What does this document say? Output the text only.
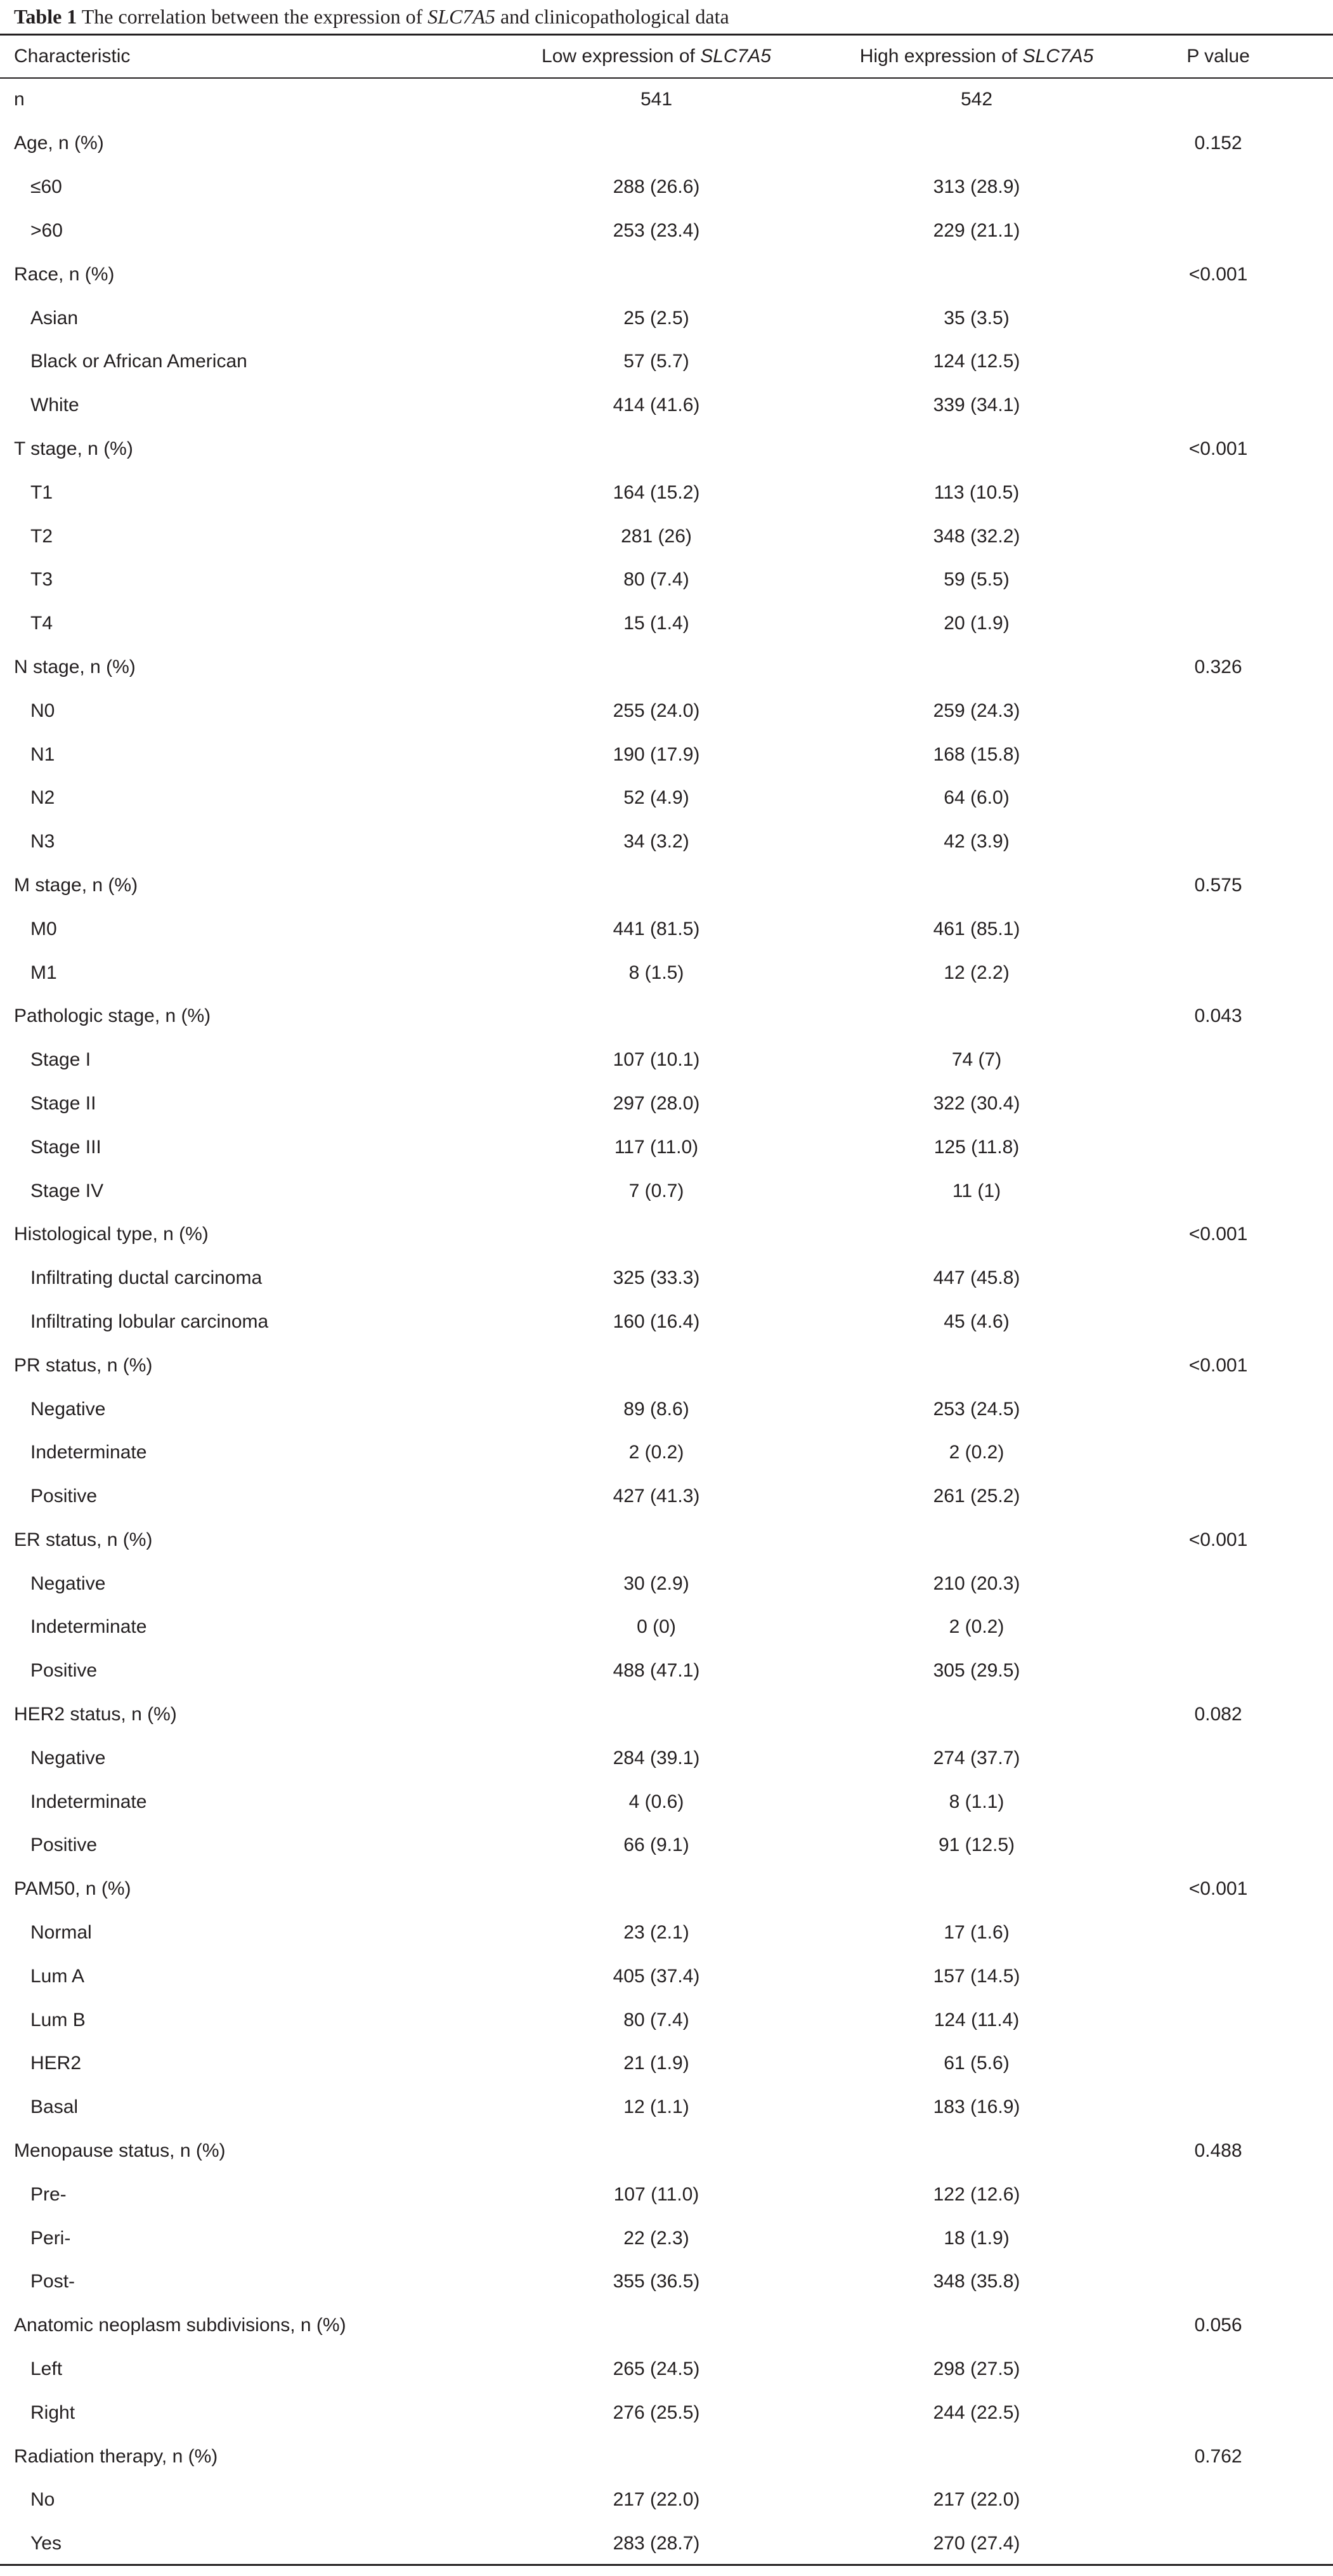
Table 1 The correlation between the expression of SLC7A5 and clinicopathological data
Characteristic	Low expression of SLC7A5	High expression of SLC7A5	P value
n	541	542	
Age, n (%)			0.152
≤60	288 (26.6)	313 (28.9)	
>60	253 (23.4)	229 (21.1)	
Race, n (%)			<0.001
Asian	25 (2.5)	35 (3.5)	
Black or African American	57 (5.7)	124 (12.5)	
White	414 (41.6)	339 (34.1)	
T stage, n (%)			<0.001
T1	164 (15.2)	113 (10.5)	
T2	281 (26)	348 (32.2)	
T3	80 (7.4)	59 (5.5)	
T4	15 (1.4)	20 (1.9)	
N stage, n (%)			0.326
N0	255 (24.0)	259 (24.3)	
N1	190 (17.9)	168 (15.8)	
N2	52 (4.9)	64 (6.0)	
N3	34 (3.2)	42 (3.9)	
M stage, n (%)			0.575
M0	441 (81.5)	461 (85.1)	
M1	8 (1.5)	12 (2.2)	
Pathologic stage, n (%)			0.043
Stage I	107 (10.1)	74 (7)	
Stage II	297 (28.0)	322 (30.4)	
Stage III	117 (11.0)	125 (11.8)	
Stage IV	7 (0.7)	11 (1)	
Histological type, n (%)			<0.001
Infiltrating ductal carcinoma	325 (33.3)	447 (45.8)	
Infiltrating lobular carcinoma	160 (16.4)	45 (4.6)	
PR status, n (%)			<0.001
Negative	89 (8.6)	253 (24.5)	
Indeterminate	2 (0.2)	2 (0.2)	
Positive	427 (41.3)	261 (25.2)	
ER status, n (%)			<0.001
Negative	30 (2.9)	210 (20.3)	
Indeterminate	0 (0)	2 (0.2)	
Positive	488 (47.1)	305 (29.5)	
HER2 status, n (%)			0.082
Negative	284 (39.1)	274 (37.7)	
Indeterminate	4 (0.6)	8 (1.1)	
Positive	66 (9.1)	91 (12.5)	
PAM50, n (%)			<0.001
Normal	23 (2.1)	17 (1.6)	
Lum A	405 (37.4)	157 (14.5)	
Lum B	80 (7.4)	124 (11.4)	
HER2	21 (1.9)	61 (5.6)	
Basal	12 (1.1)	183 (16.9)	
Menopause status, n (%)			0.488
Pre-	107 (11.0)	122 (12.6)	
Peri-	22 (2.3)	18 (1.9)	
Post-	355 (36.5)	348 (35.8)	
Anatomic neoplasm subdivisions, n (%)			0.056
Left	265 (24.5)	298 (27.5)	
Right	276 (25.5)	244 (22.5)	
Radiation therapy, n (%)			0.762
No	217 (22.0)	217 (22.0)	
Yes	283 (28.7)	270 (27.4)	
